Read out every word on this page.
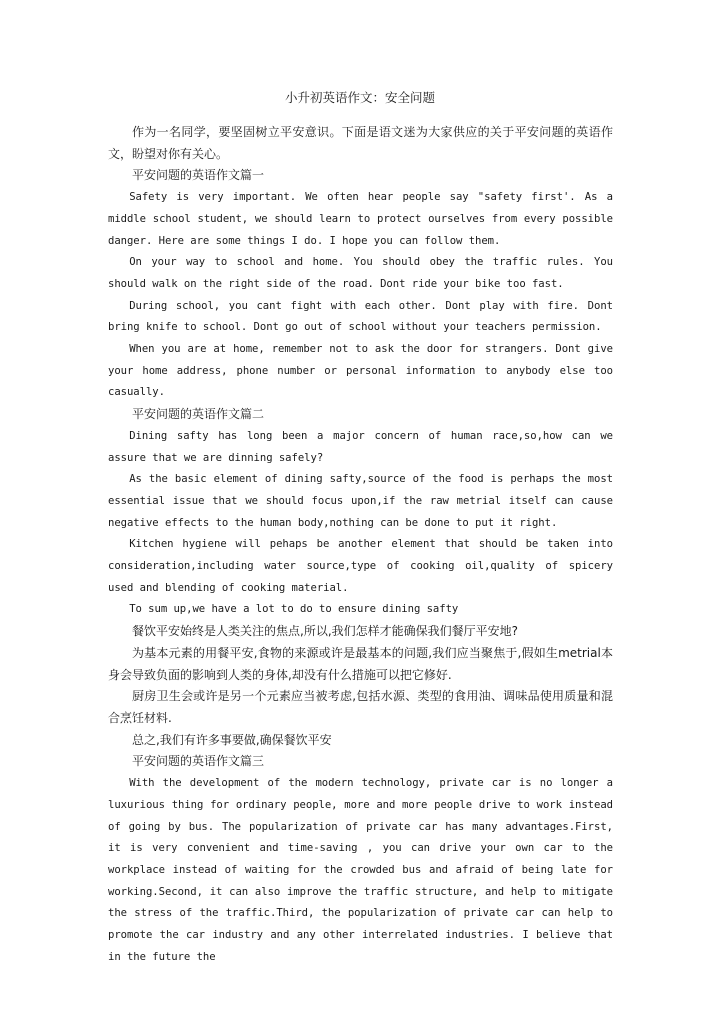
小升初英语作文：安全问题

作为一名同学，要坚固树立平安意识。下面是语文迷为大家供应的关于平安问题的英语作文，盼望对你有关心。

平安问题的英语作文篇一

Safety is very important. We often hear people say "safety first'. As a middle school student, we should learn to protect ourselves from every possible danger. Here are some things I do. I hope you can follow them.

On your way to school and home. You should obey the traffic rules. You should walk on the right side of the road. Dont ride your bike too fast.

During school, you cant fight with each other. Dont play with fire. Dont bring knife to school. Dont go out of school without your teachers permission.

When you are at home, remember not to ask the door for strangers. Dont give your home address, phone number or personal information to anybody else too casually.

平安问题的英语作文篇二

Dining safty has long been a major concern of human race,so,how can we assure that we are dinning safely?

As the basic element of dining safty,source of the food is perhaps the most essential issue that we should focus upon,if the raw metrial itself can cause negative effects to the human body,nothing can be done to put it right.

Kitchen hygiene will pehaps be another element that should be taken into consideration,including water source,type of cooking oil,quality of spicery used and blending of cooking material.

To sum up,we have a lot to do to ensure dining safty

餐饮平安始终是人类关注的焦点,所以,我们怎样才能确保我们餐厅平安地?

为基本元素的用餐平安,食物的来源或许是最基本的问题,我们应当聚焦于,假如生metrial本身会导致负面的影响到人类的身体,却没有什么措施可以把它修好.

厨房卫生会或许是另一个元素应当被考虑,包括水源、类型的食用油、调味品使用质量和混合烹饪材料.

总之,我们有许多事要做,确保餐饮平安

平安问题的英语作文篇三

With the development of the modern technology, private car is no longer a luxurious thing for ordinary people, more and more people drive to work instead of going by bus. The popularization of private car has many advantages.First, it is very convenient and time-saving , you can drive your own car to the workplace instead of waiting for the crowded bus and afraid of being late for working.Second, it can also improve the traffic structure, and help to mitigate the stress of the traffic.Third, the popularization of private car can help to promote the car industry and any other interrelated industries. I believe that in the future the
